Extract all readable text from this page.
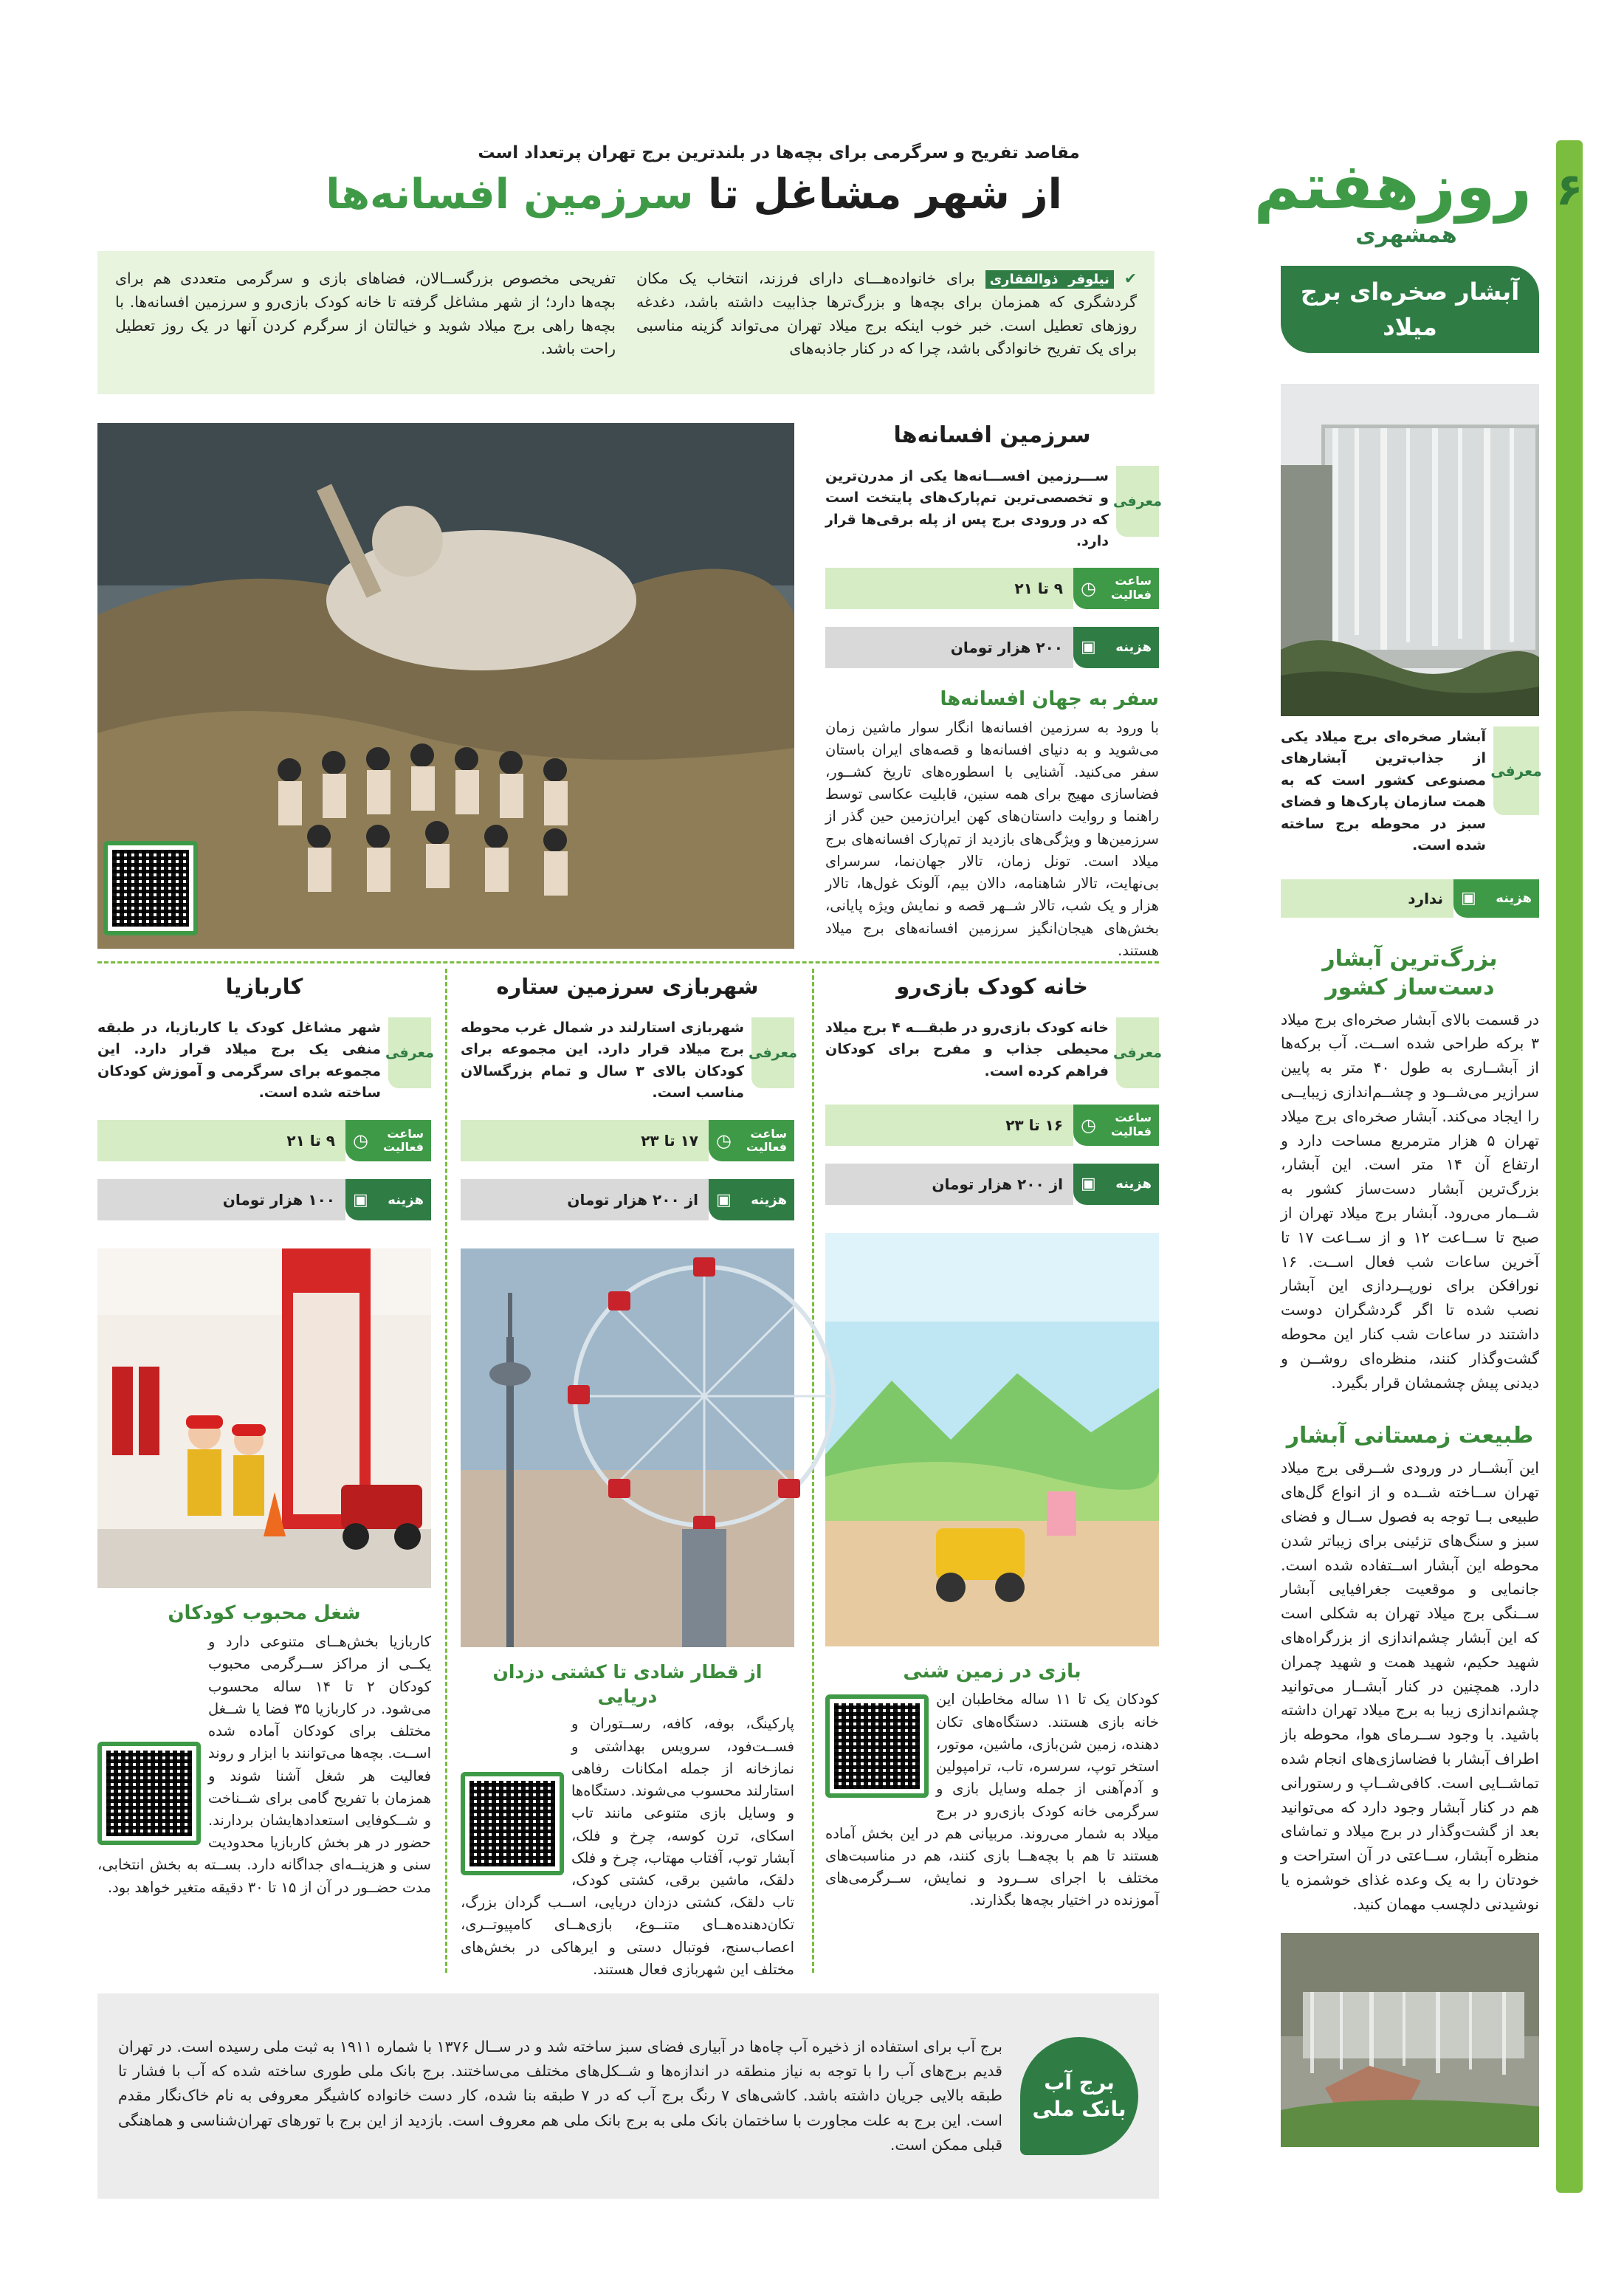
۶
روزهفتم
همشهری
مقاصد تفریح و سرگرمی برای بچه‌ها در بلندترین برج تهران پرتعداد است
از شهر مشاغل تا سرزمین افسانه‌ها

✔ نیلوفر ذوالفقاری برای خانواده‌هـــای دارای فرزند، انتخاب یک مکان گردشگری که همزمان برای بچه‌ها و بزرگ‌ترها جذابیت داشته باشد، دغدغه روزهای تعطیل است. خبر خوب اینکه برج میلاد تهران می‌تواند گزینه مناسبی برای یک تفریح خانوادگی باشد، چرا که در کنار جاذبه‌های

تفریحی مخصوص بزرگســالان، فضاهای بازی و سرگرمی متعددی هم برای بچه‌ها دارد؛ از شهر مشاغل گرفته تا خانه کودک بازی‌رو و سرزمین افسانه‌ها. با بچه‌ها راهی برج میلاد شوید و خیالتان از سرگرم کردن آنها در یک روز تعطیل راحت باشد.

آبشار صخره‌ای برج میلاد
معرفی

آبشار صخره‌ای برج میلاد یکی از جذاب‌ترین آبشارهای مصنوعی کشور است که به همت سازمان پارک‌ها و فضای سبز در محوطه برج ساخته شده است.

هزینه
▣
ندارد
بزرگ‌ترین آبشار دست‌ساز کشور

در قسمت بالای آبشار صخره‌ای برج میلاد ۳ برکه طراحی شده اســت. آب برکه‌ها از آبشــاری به طول ۴۰ متر به پایین سرازیر می‌شــود و چشــم‌اندازی زیبایــی را ایجاد می‌کند. آبشار صخره‌ای برج میلاد تهران ۵ هزار مترمربع مساحت دارد و ارتفاع آن ۱۴ متر است. این آبشار، بزرگ‌ترین آبشار دست‌ساز کشور به شــمار می‌رود. آبشار برج میلاد تهران از صبح تا ســاعت ۱۲ و از ســاعت ۱۷ تا آخرین ساعات شب فعال اســت. ۱۶ نورافکن برای نورپــردازی این آبشار نصب شده تا اگر گردشگران دوست داشتند در ساعات شب کنار این محوطه گشت‌وگذار کنند، منظره‌ای روشــن و دیدنی پیش چشمشان قرار بگیرد.

طبیعت زمستانی آبشار

این آبشــار در ورودی شــرقی برج میلاد تهران ســاخته شــده و از انواع گل‌های طبیعی بــا توجه به فصول ســال و فضای سبز و سنگ‌های تزئینی برای زیباتر شدن محوطه این آبشار اســتفاده شده است. جانمایی و موقعیت جغرافیایی آبشار ســنگی برج میلاد تهران به شکلی است که این آبشار چشم‌اندازی از بزرگراه‌های شهید حکیم، شهید همت و شهید چمران دارد. همچنین در کنار آبشــار می‌توانید چشم‌اندازی زیبا به برج میلاد تهران داشته باشید. با وجود ســرمای هوا، محوطه باز اطراف آبشار با فضاسازی‌های انجام شده تماشــایی است. کافی‌شــاپ و رستورانی هم در کنار آبشار وجود دارد که می‌توانید بعد از گشت‌وگذار در برج میلاد و تماشای منظره آبشار، ســاعتی در آن استراحت و خودتان را به یک وعده غذای خوشمزه یا نوشیدنی دلچسب مهمان کنید.

سرزمین افسانه‌ها
معرفی

ســـرزمین افســـانه‌ها یکی از مدرن‌ترین و تخصصی‌ترین تم‌پارک‌های پایتخت است که در ورودی برج پس از پله برقی‌ها قرار دارد.

ساعت فعالیت
◷
۹ تا ۲۱
هزینه
▣
۲۰۰ هزار تومان
سفر به جهان افسانه‌ها

با ورود به سرزمین افسانه‌ها انگار سوار ماشین زمان می‌شوید و به دنیای افسانه‌ها و قصه‌های ایران باستان سفر می‌کنید. آشنایی با اسطوره‌های تاریخ کشــور، فضاسازی مهیج برای همه سنین، قابلیت عکاسی توسط راهنما و روایت داستان‌های کهن ایران‌زمین حین گذر از سرزمین‌ها و ویژگی‌های بازدید از تم‌پارک افسانه‌های برج میلاد است. تونل زمان، تالار جهان‌نما، سرسرای بی‌نهایت، تالار شاهنامه، دالان بیم، آلونک غول‌ها، تالار هزار و یک شب، تالار شــهر قصه و نمایش ویژه پایانی، بخش‌های هیجان‌انگیز سرزمین افسانه‌های برج میلاد هستند.

خانه کودک بازی‌رو
معرفی

خانه کودک بازی‌رو در طبقـــه ۴ برج میلاد محیطی جذاب و مفرح برای کودکان فراهم کرده است.

ساعت فعالیت
◷
۱۶ تا ۲۳
هزینه
▣
از ۲۰۰ هزار تومان
بازی در زمین شنی

کودکان یک تا ۱۱ ساله مخاطبان این خانه بازی هستند. دستگاه‌های تکان دهنده، زمین شن‌بازی، ماشین، موتور، استخر توپ، سرسره، تاب، ترامپولین و آدم‌آهنی از جمله وسایل بازی و سرگرمی خانه کودک بازی‌رو در برج میلاد به شمار می‌روند. مربیانی هم در این بخش آماده هستند تا هم با بچه‌هــا بازی کنند، هم در مناسبت‌های مختلف با اجرای ســرود و نمایش، ســرگرمی‌های آموزنده در اختیار بچه‌ها بگذارند.

شهربازی سرزمین ستاره
معرفی

شهربازی استارلند در شمال غرب محوطه برج میلاد قرار دارد. این مجموعه برای کودکان بالای ۳ سال و تمام بزرگسالان مناسب است.

ساعت فعالیت
◷
۱۷ تا ۲۳
هزینه
▣
از ۲۰۰ هزار تومان
از قطار شادی تا کشتی دزدان دریایی

پارکینگ، بوفه، کافه، رســتوران و فســت‌فود، سرویس بهداشتی و نمازخانه از جمله امکانات رفاهی استارلند محسوب می‌شوند. دستگاه‌ها و وسایل بازی متنوعی مانند تاب اسکای، ترن کوسه، چرخ و فلک، آبشار توپ، آفتاب مهتاب، چرخ و فلک دلقک، ماشین برقی، کشتی کودک، تاب دلقک، کشتی دزدان دریایی، اســب گردان بزرگ، تکان‌دهنده‌هــای متنــوع، بازی‌هــای کامپیوتــری، اعصاب‌سنج، فوتبال دستی و ایرهاکی در بخش‌های مختلف این شهربازی فعال هستند.

کاربازیا
معرفی

شهر مشاغل کودک یا کاربازیا، در طبقه منفی یک برج میلاد قرار دارد. این مجموعه برای سرگرمی و آموزش کودکان ساخته شده است.

ساعت فعالیت
◷
۹ تا ۲۱
هزینه
▣
۱۰۰ هزار تومان
شغل محبوب کودکان

کاربازیا بخش‌هــای متنوعی دارد و یکــی از مراکز ســرگرمی محبوب کودکان ۲ تا ۱۴ ساله محسوب می‌شود. در کاربازیا ۳۵ فضا یا شــغل مختلف برای کودکان آماده شده اســت. بچه‌ها می‌توانند با ابزار و روند فعالیت هر شغل آشنا شوند و همزمان با تفریح گامی برای شــناخت و شــکوفایی استعدادهایشان بردارند. حضور در هر بخش کاربازیا محدودیت سنی و هزینــه‌ای جداگانه دارد. بســته به بخش انتخابی، مدت حضــور در آن از ۱۵ تا ۳۰ دقیقه متغیر خواهد بود.

برج آب بانک ملی

برج آب برای استفاده از ذخیره آب چاه‌ها در آبیاری فضای سبز ساخته شد و در ســال ۱۳۷۶ با شماره ۱۹۱۱ به ثبت ملی رسیده است. در تهران قدیم برج‌های آب را با توجه به نیاز منطقه در اندازه‌ها و شــکل‌های مختلف می‌ساختند. برج بانک ملی طوری ساخته شده که آب با فشار تا طبقه بالایی جریان داشته باشد. کاشی‌های ۷ رنگ برج آب که در ۷ طبقه بنا شده، کار دست خانواده کاشیگر معروفی به نام خاک‌نگار مقدم است. این برج به علت مجاورت با ساختمان بانک ملی به برج بانک ملی هم معروف است. بازدید از این برج با تورهای تهران‌شناسی و هماهنگی قبلی ممکن است.
